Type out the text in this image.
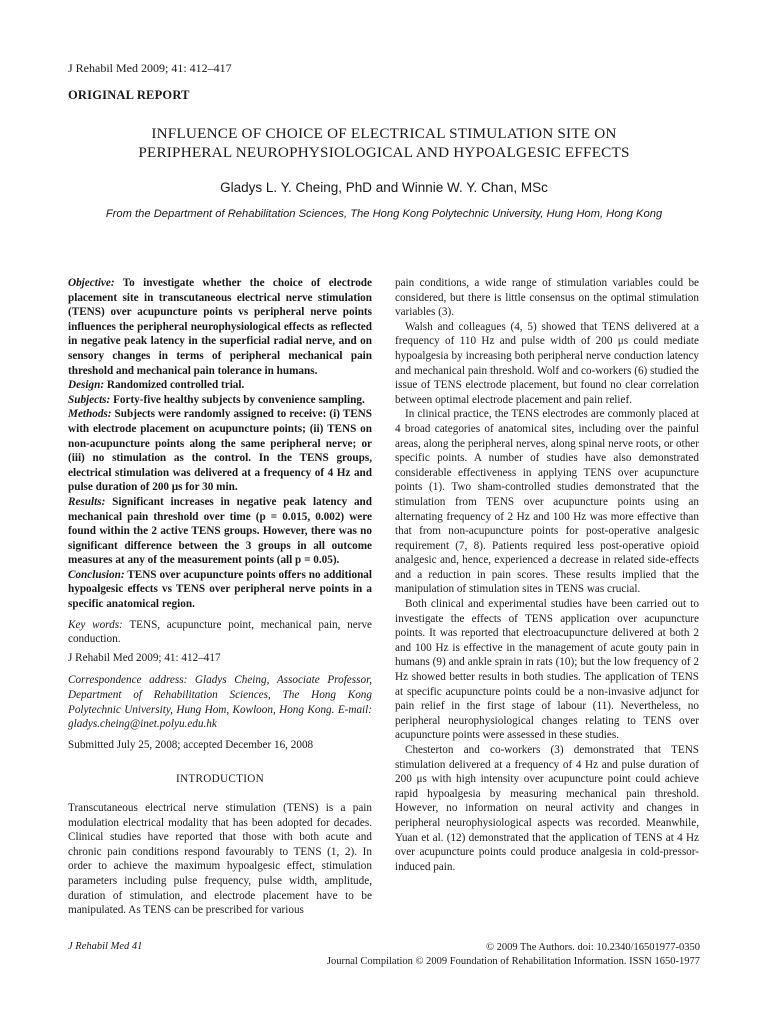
J Rehabil Med 2009; 41: 412–417
ORIGINAL REPORT
INFLUENCE OF CHOICE OF ELECTRICAL STIMULATION SITE ON
PERIPHERAL NEUROPHYSIOLOGICAL AND HYPOALGESIC EFFECTS
Gladys L. Y. Cheing, PhD and Winnie W. Y. Chan, MSc
From the Department of Rehabilitation Sciences, The Hong Kong Polytechnic University, Hung Hom, Hong Kong

Objective: To investigate whether the choice of electrode placement site in transcutaneous electrical nerve stimulation (TENS) over acupuncture points vs peripheral nerve points influences the peripheral neurophysiological effects as reflected in negative peak latency in the superficial radial nerve, and on sensory changes in terms of peripheral mechanical pain threshold and mechanical pain tolerance in humans.

Design: Randomized controlled trial.

Subjects: Forty-five healthy subjects by convenience sampling.

Methods: Subjects were randomly assigned to receive: (i) TENS with electrode placement on acupuncture points; (ii) TENS on non-acupuncture points along the same peripheral nerve; or (iii) no stimulation as the control. In the TENS groups, electrical stimulation was delivered at a frequency of 4 Hz and pulse duration of 200 μs for 30 min.

Results: Significant increases in negative peak latency and mechanical pain threshold over time (p = 0.015, 0.002) were found within the 2 active TENS groups. However, there was no significant difference between the 3 groups in all outcome measures at any of the measurement points (all p = 0.05).

Conclusion: TENS over acupuncture points offers no additional hypoalgesic effects vs TENS over peripheral nerve points in a specific anatomical region.

Key words: TENS, acupuncture point, mechanical pain, nerve conduction.
J Rehabil Med 2009; 41: 412–417
Correspondence address: Gladys Cheing, Associate Professor, Department of Rehabilitation Sciences, The Hong Kong Polytechnic University, Hung Hom, Kowloon, Hong Kong. E-mail: gladys.cheing@inet.polyu.edu.hk
Submitted July 25, 2008; accepted December 16, 2008
INTRODUCTION

Transcutaneous electrical nerve stimulation (TENS) is a pain modulation electrical modality that has been adopted for decades. Clinical studies have reported that those with both acute and chronic pain conditions respond favourably to TENS (1, 2). In order to achieve the maximum hypoalgesic effect, stimulation parameters including pulse frequency, pulse width, amplitude, duration of stimulation, and electrode placement have to be manipulated. As TENS can be prescribed for various

pain conditions, a wide range of stimulation variables could be considered, but there is little consensus on the optimal stimulation variables (3).

Walsh and colleagues (4, 5) showed that TENS delivered at a frequency of 110 Hz and pulse width of 200 μs could mediate hypoalgesia by increasing both peripheral nerve conduction latency and mechanical pain threshold. Wolf and co-workers (6) studied the issue of TENS electrode placement, but found no clear correlation between optimal electrode placement and pain relief.

In clinical practice, the TENS electrodes are commonly placed at 4 broad categories of anatomical sites, including over the painful areas, along the peripheral nerves, along spinal nerve roots, or other specific points. A number of studies have also demonstrated considerable effectiveness in applying TENS over acupuncture points (1). Two sham-controlled studies demonstrated that the stimulation from TENS over acupuncture points using an alternating frequency of 2 Hz and 100 Hz was more effective than that from non-acupuncture points for post-operative analgesic requirement (7, 8). Patients required less post-operative opioid analgesic and, hence, experienced a decrease in related side-effects and a reduction in pain scores. These results implied that the manipulation of stimulation sites in TENS was crucial.

Both clinical and experimental studies have been carried out to investigate the effects of TENS application over acupuncture points. It was reported that electroacupuncture delivered at both 2 and 100 Hz is effective in the management of acute gouty pain in humans (9) and ankle sprain in rats (10); but the low frequency of 2 Hz showed better results in both studies. The application of TENS at specific acupuncture points could be a non-invasive adjunct for pain relief in the first stage of labour (11). Nevertheless, no peripheral neurophysiological changes relating to TENS over acupuncture points were assessed in these studies.

Chesterton and co-workers (3) demonstrated that TENS stimulation delivered at a frequency of 4 Hz and pulse duration of 200 μs with high intensity over acupuncture point could achieve rapid hypoalgesia by measuring mechanical pain threshold. However, no information on neural activity and changes in peripheral neurophysiological aspects was recorded. Meanwhile, Yuan et al. (12) demonstrated that the application of TENS at 4 Hz over acupuncture points could produce analgesia in cold-pressor-induced pain.

J Rehabil Med 41	© 2009 The Authors. doi: 10.2340/16501977-0350
Journal Compilation © 2009 Foundation of Rehabilitation Information. ISSN 1650-1977
